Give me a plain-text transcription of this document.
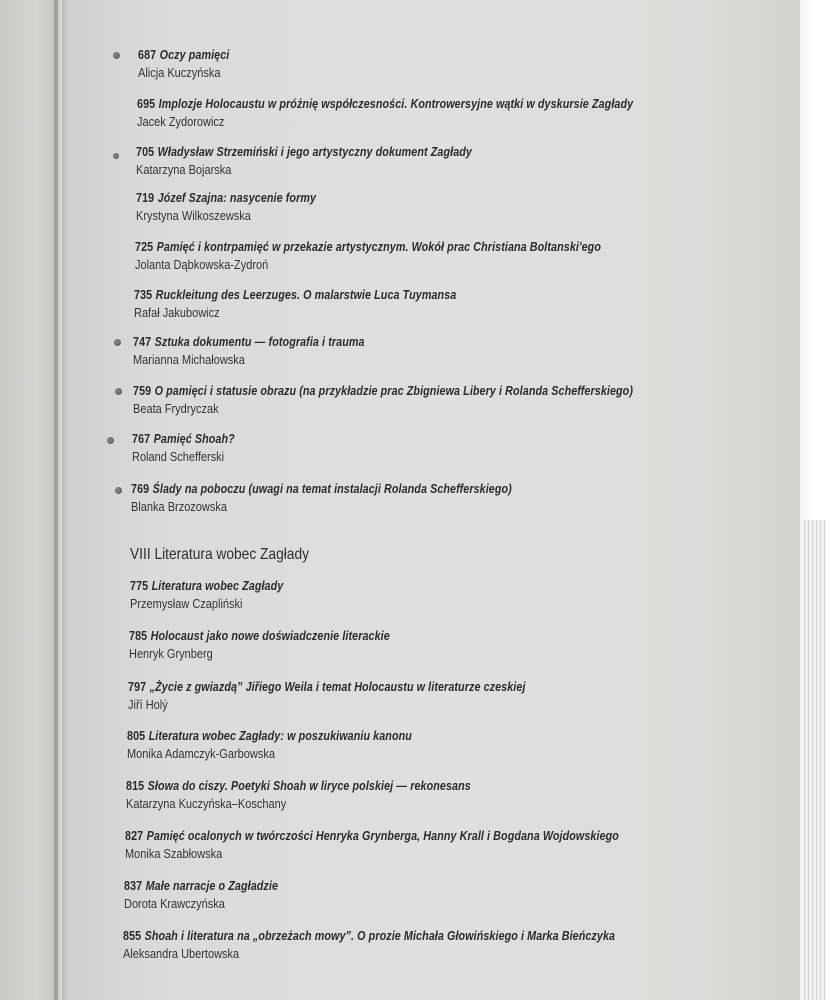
687 Oczy pamięci
Alicja Kuczyńska
695 Implozje Holocaustu w próżnię współczesności. Kontrowersyjne wątki w dyskursie Zagłady
Jacek Zydorowicz
705 Władysław Strzemiński i jego artystyczny dokument Zagłady
Katarzyna Bojarska
719 Józef Szajna: nasycenie formy
Krystyna Wilkoszewska
725 Pamięć i kontrpamięć w przekazie artystycznym. Wokół prac Christiana Boltanski'ego
Jolanta Dąbkowska-Zydroń
735 Ruckleitung des Leerzuges. O malarstwie Luca Tuymansa
Rafał Jakubowicz
747 Sztuka dokumentu — fotografia i trauma
Marianna Michałowska
759 O pamięci i statusie obrazu (na przykładzie prac Zbigniewa Libery i Rolanda Schefferskiego)
Beata Frydryczak
767 Pamięć Shoah?
Roland Schefferski
769 Ślady na poboczu (uwagi na temat instalacji Rolanda Schefferskiego)
Blanka Brzozowska
VIII Literatura wobec Zagłady
775 Literatura wobec Zagłady
Przemysław Czapliński
785 Holocaust jako nowe doświadczenie literackie
Henryk Grynberg
797 „Życie z gwiazdą” Jiřiego Weila i temat Holocaustu w literaturze czeskiej
Jiří Holý
805 Literatura wobec Zagłady: w poszukiwaniu kanonu
Monika Adamczyk-Garbowska
815 Słowa do ciszy. Poetyki Shoah w liryce polskiej — rekonesans
Katarzyna Kuczyńska–Koschany
827 Pamięć ocalonych w twórczości Henryka Grynberga, Hanny Krall i Bogdana Wojdowskiego
Monika Szabłowska
837 Małe narracje o Zagładzie
Dorota Krawczyńska
855 Shoah i literatura na „obrzeżach mowy”. O prozie Michała Głowińskiego i Marka Bieńczyka
Aleksandra Ubertowska
